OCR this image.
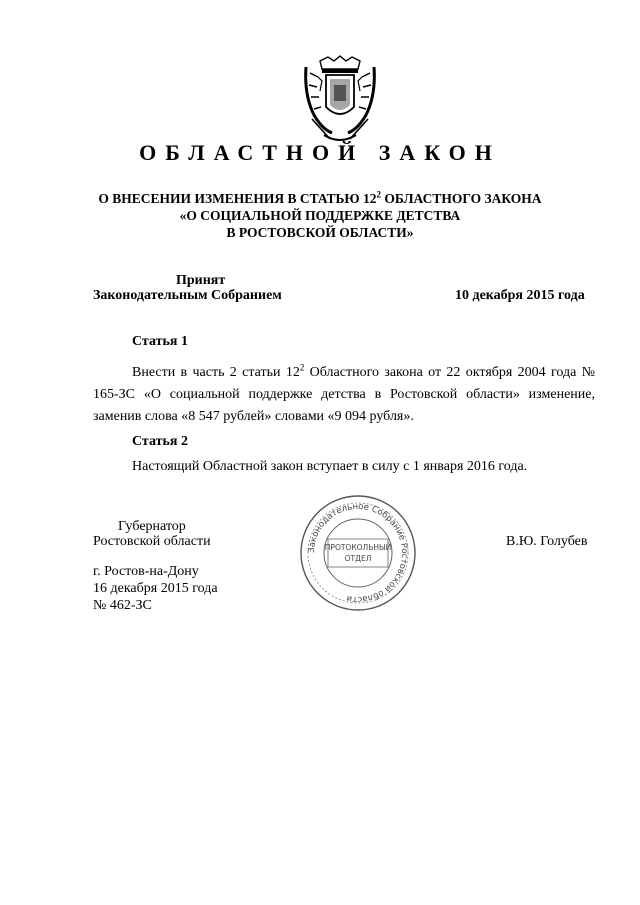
ОБЛАСТНОЙ ЗАКОН
О ВНЕСЕНИИ ИЗМЕНЕНИЯ В СТАТЬЮ $12^2$ ОБЛАСТНОГО ЗАКОНА
«О СОЦИАЛЬНОЙ ПОДДЕРЖКЕ ДЕТСТВА
В РОСТОВСКОЙ ОБЛАСТИ»
Принят
Законодательным Собранием	10 декабря 2015 года
Статья 1

Внести в часть 2 статьи $12^2$ Областного закона от 22 октября 2004 года № 165-ЗС «О социальной поддержке детства в Ростовской области» изменение, заменив слова «8 547 рублей» словами «9 094 рубля».

Статья 2
Настоящий Областной закон вступает в силу с 1 января 2016 года.
Губернатор
Ростовской области	В.Ю. Голубев
г. Ростов-на-Дону
16 декабря 2015 года
№ 462-ЗС
Законодательное Собрание Ростовской области
ПРОТОКОЛЬНЫЙ
ОТДЕЛ
